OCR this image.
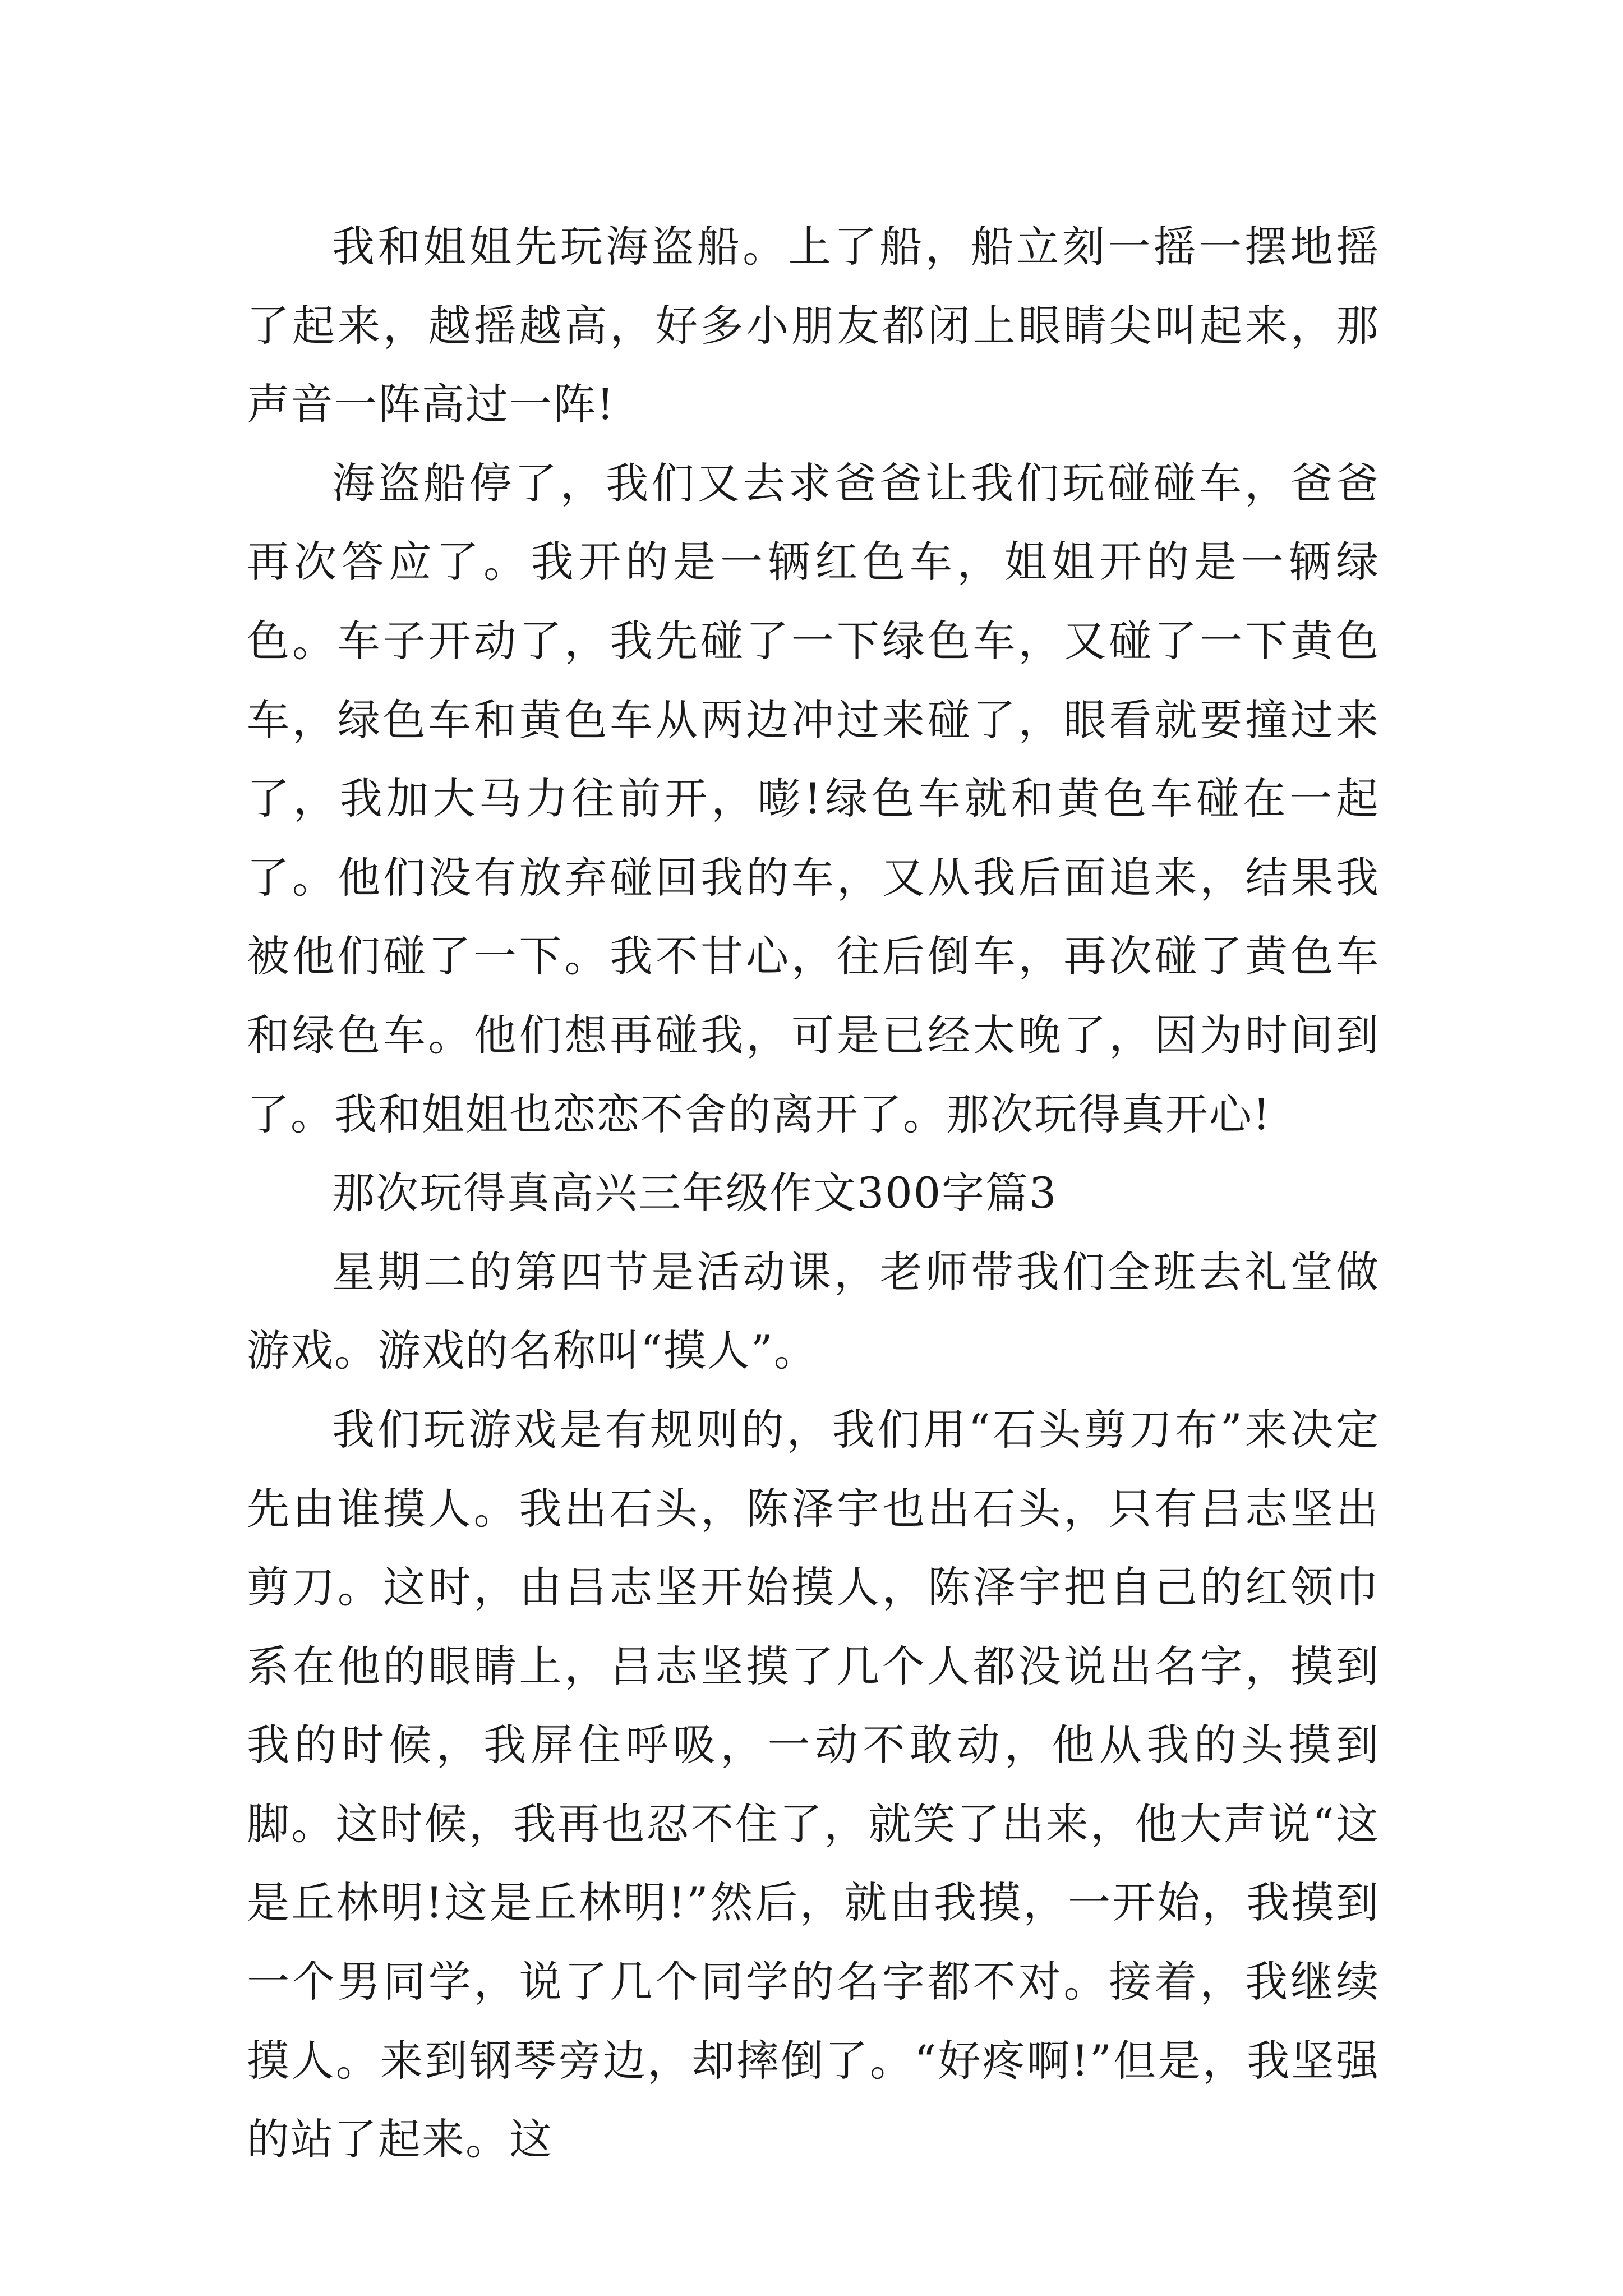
我和姐姐先玩海盗船。上了船，船立刻一摇一摆地摇了起来，越摇越高，好多小朋友都闭上眼睛尖叫起来，那声音一阵高过一阵!

海盗船停了，我们又去求爸爸让我们玩碰碰车，爸爸再次答应了。我开的是一辆红色车，姐姐开的是一辆绿色。车子开动了，我先碰了一下绿色车，又碰了一下黄色车，绿色车和黄色车从两边冲过来碰了，眼看就要撞过来了，我加大马力往前开，嘭!绿色车就和黄色车碰在一起了。他们没有放弃碰回我的车，又从我后面追来，结果我被他们碰了一下。我不甘心，往后倒车，再次碰了黄色车和绿色车。他们想再碰我，可是已经太晚了，因为时间到了。我和姐姐也恋恋不舍的离开了。那次玩得真开心!

那次玩得真高兴三年级作文300字篇3

星期二的第四节是活动课，老师带我们全班去礼堂做游戏。游戏的名称叫“摸人”。

我们玩游戏是有规则的，我们用“石头剪刀布”来决定先由谁摸人。我出石头，陈泽宇也出石头，只有吕志坚出剪刀。这时，由吕志坚开始摸人，陈泽宇把自己的红领巾系在他的眼睛上，吕志坚摸了几个人都没说出名字，摸到我的时候，我屏住呼吸，一动不敢动，他从我的头摸到脚。这时候，我再也忍不住了，就笑了出来，他大声说“这是丘林明!这是丘林明!”然后，就由我摸，一开始，我摸到一个男同学，说了几个同学的名字都不对。接着，我继续摸人。来到钢琴旁边，却摔倒了。“好疼啊!”但是，我坚强的站了起来。这
